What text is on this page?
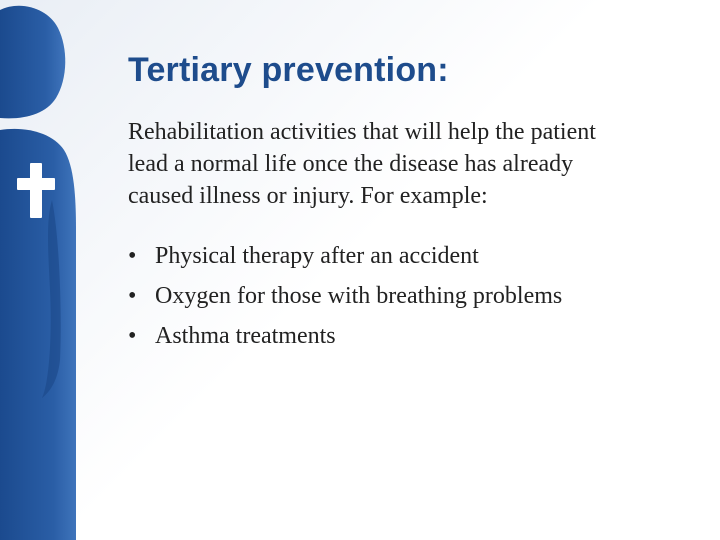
Tertiary prevention:
Rehabilitation activities that will help the patient lead a normal life once the disease has already caused illness or injury. For example:
• Physical therapy after an accident
• Oxygen for those with breathing problems
• Asthma treatments
